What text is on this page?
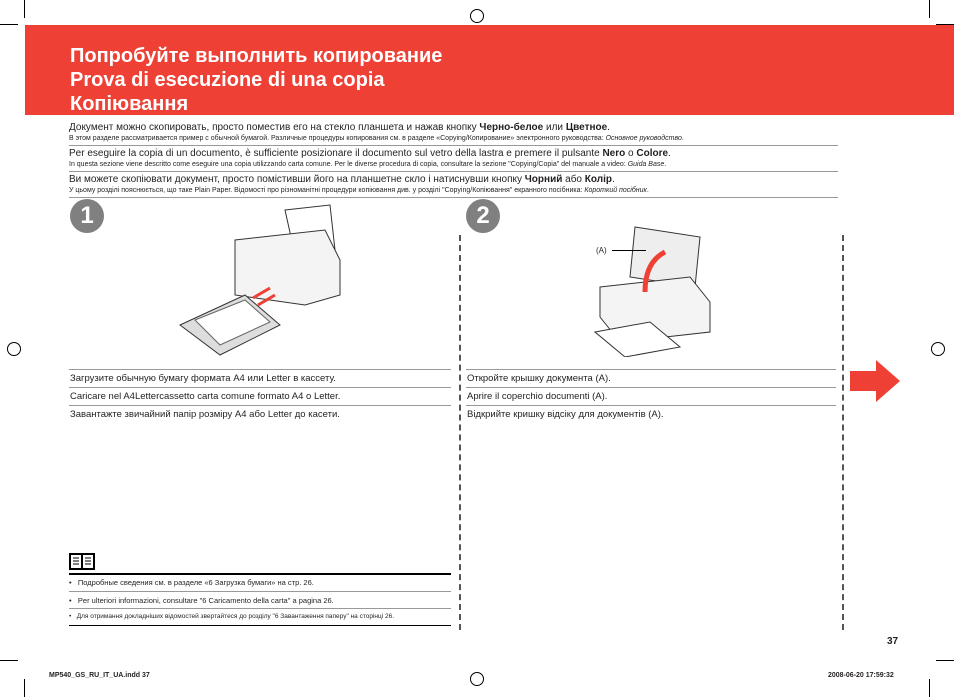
Попробуйте выполнить копирование
Prova di esecuzione di una copia
Копіювання
Документ можно скопировать, просто поместив его на стекло планшета и нажав кнопку Черно-белое или Цветное.
В этом разделе рассматривается пример с обычной бумагой. Различные процедуры копирования см. в разделе «Copying/Копирование» электронного руководства: Основное руководство.
Per eseguire la copia di un documento, è sufficiente posizionare il documento sul vetro della lastra e premere il pulsante Nero o Colore.
In questa sezione viene descritto come eseguire una copia utilizzando carta comune. Per le diverse procedura di copia, consultare la sezione "Copying/Copia" del manuale a video: Guida Base.
Ви можете скопіювати документ, просто помістивши його на планшетне скло і натиснувши кнопку Чорний або Колір.
У цьому розділі пояснюється, що таке Plain Paper. Відомості про різноманітні процедури копіювання див. у розділі "Copying/Копіювання" екранного посібника: Короткий посібник.
1	2
(A)
Загрузите обычную бумагу формата A4 или Letter в кассету.
Caricare nel A4Lettercassetto carta comune formato A4 o Letter.
Завантажте звичайний папір розміру A4 або Letter до касети.
Откройте крышку документа (A).
Aprire il coperchio documenti (A).
Відкрийте кришку відсіку для документів (A).
•   Подробные сведения см. в разделе «6 Загрузка бумаги» на стр. 26.
•   Per ulteriori informazioni, consultare "6 Caricamento della carta" a pagina 26.
•   Для отримання докладніших відомостей звертайтеся до розділу "6 Завантаження паперу" на сторінці 26.
37
MP540_GS_RU_IT_UA.indd 37	2008-06-20 17:59:32
